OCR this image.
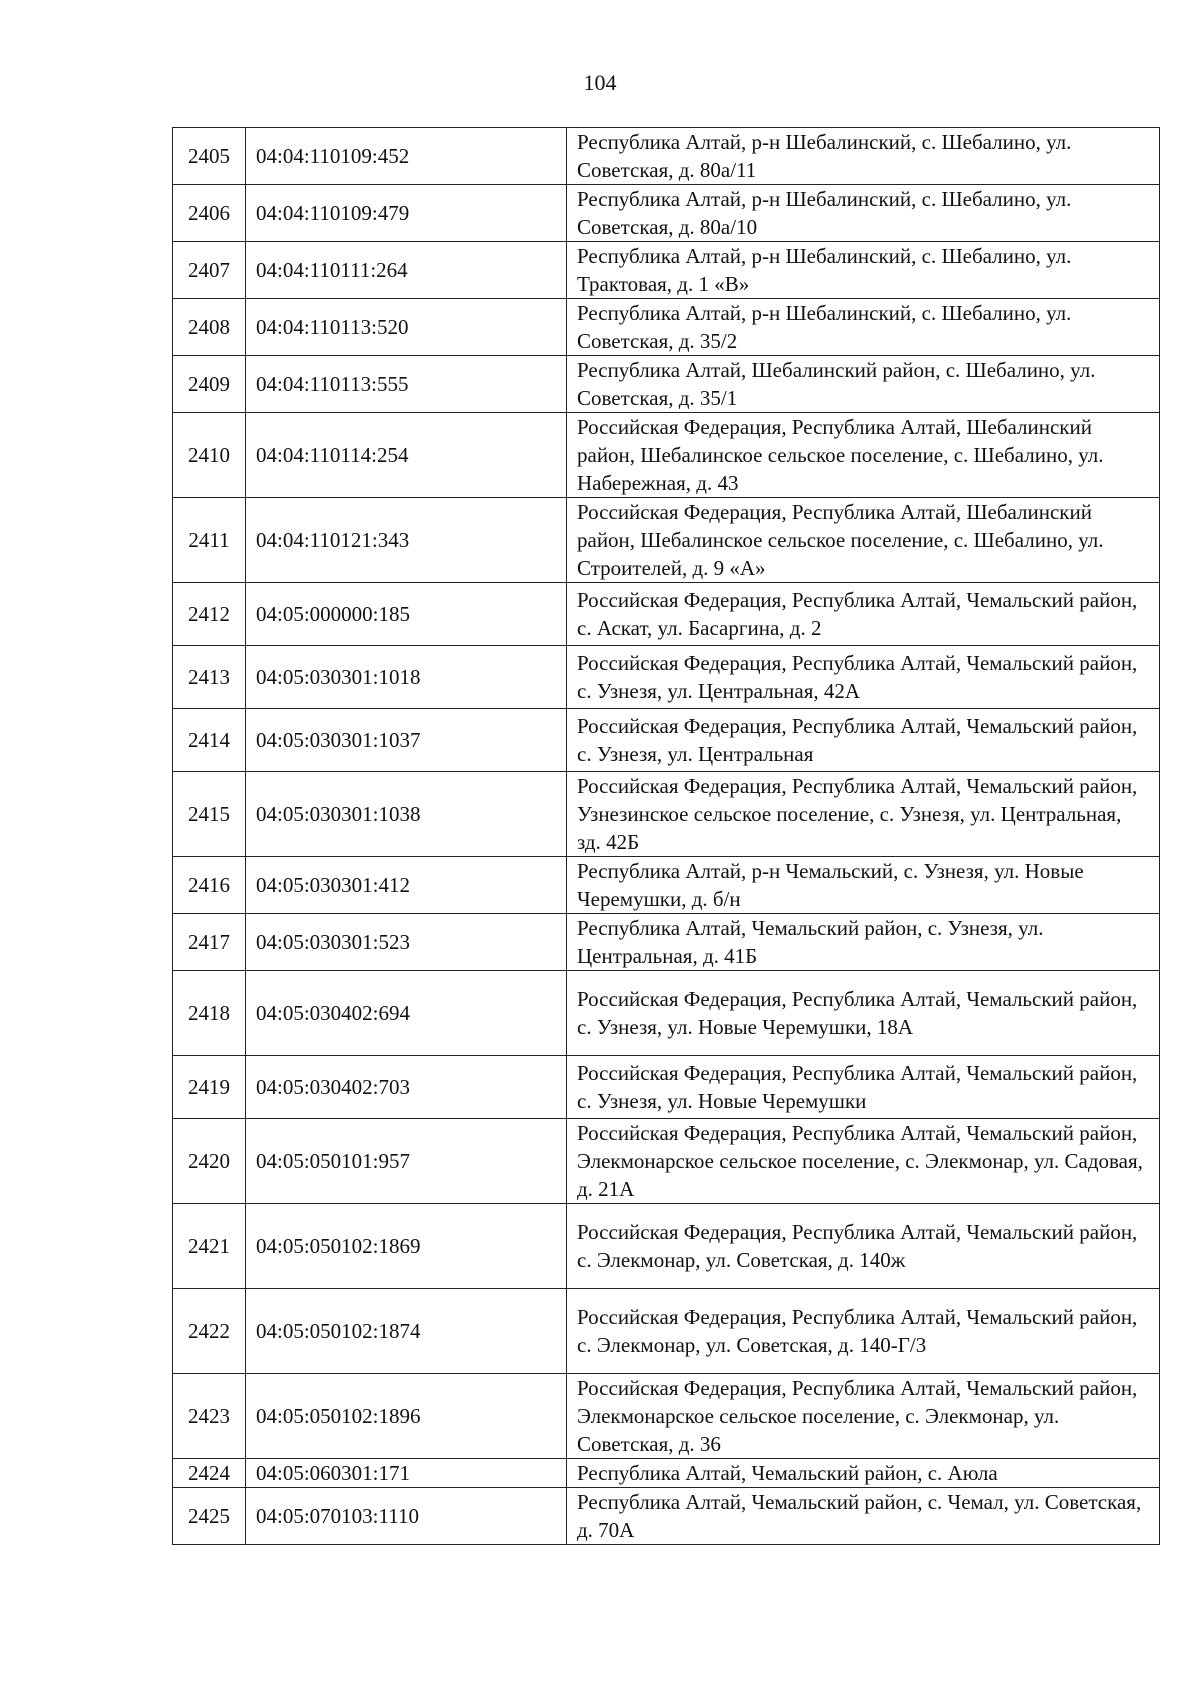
104
2405	04:04:110109:452	Республика Алтай, р-н Шебалинский, с. Шебалино, ул. Советская, д. 80а/11
2406	04:04:110109:479	Республика Алтай, р-н Шебалинский, с. Шебалино, ул. Советская, д. 80а/10
2407	04:04:110111:264	Республика Алтай, р-н Шебалинский, с. Шебалино, ул. Трактовая, д. 1 «В»
2408	04:04:110113:520	Республика Алтай, р-н Шебалинский, с. Шебалино, ул. Советская, д. 35/2
2409	04:04:110113:555	Республика Алтай, Шебалинский район, с. Шебалино, ул. Советская, д. 35/1
2410	04:04:110114:254	Российская Федерация, Республика Алтай, Шебалинский район, Шебалинское сельское поселение, с. Шебалино, ул. Набережная, д. 43
2411	04:04:110121:343	Российская Федерация, Республика Алтай, Шебалинский район, Шебалинское сельское поселение, с. Шебалино, ул. Строителей, д. 9 «А»
2412	04:05:000000:185	Российская Федерация, Республика Алтай, Чемальский район, с. Аскат, ул. Басаргина, д. 2
2413	04:05:030301:1018	Российская Федерация, Республика Алтай, Чемальский район, с. Узнезя, ул. Центральная, 42А
2414	04:05:030301:1037	Российская Федерация, Республика Алтай, Чемальский район, с. Узнезя, ул. Центральная
2415	04:05:030301:1038	Российская Федерация, Республика Алтай, Чемальский район, Узнезинское сельское поселение, с. Узнезя, ул. Центральная, зд. 42Б
2416	04:05:030301:412	Республика Алтай, р-н Чемальский, с. Узнезя, ул. Новые Черемушки, д. б/н
2417	04:05:030301:523	Республика Алтай, Чемальский район, с. Узнезя, ул. Центральная, д. 41Б
2418	04:05:030402:694	Российская Федерация, Республика Алтай, Чемальский район, с. Узнезя, ул. Новые Черемушки, 18А
2419	04:05:030402:703	Российская Федерация, Республика Алтай, Чемальский район, с. Узнезя, ул. Новые Черемушки
2420	04:05:050101:957	Российская Федерация, Республика Алтай, Чемальский район, Элекмонарское сельское поселение, с. Элекмонар, ул. Садовая, д. 21А
2421	04:05:050102:1869	Российская Федерация, Республика Алтай, Чемальский район, с. Элекмонар, ул. Советская, д. 140ж
2422	04:05:050102:1874	Российская Федерация, Республика Алтай, Чемальский район, с. Элекмонар, ул. Советская, д. 140-Г/3
2423	04:05:050102:1896	Российская Федерация, Республика Алтай, Чемальский район, Элекмонарское сельское поселение, с. Элекмонар, ул. Советская, д. 36
2424	04:05:060301:171	Республика Алтай, Чемальский район, с. Аюла
2425	04:05:070103:1110	Республика Алтай, Чемальский район, с. Чемал, ул. Советская, д. 70А
